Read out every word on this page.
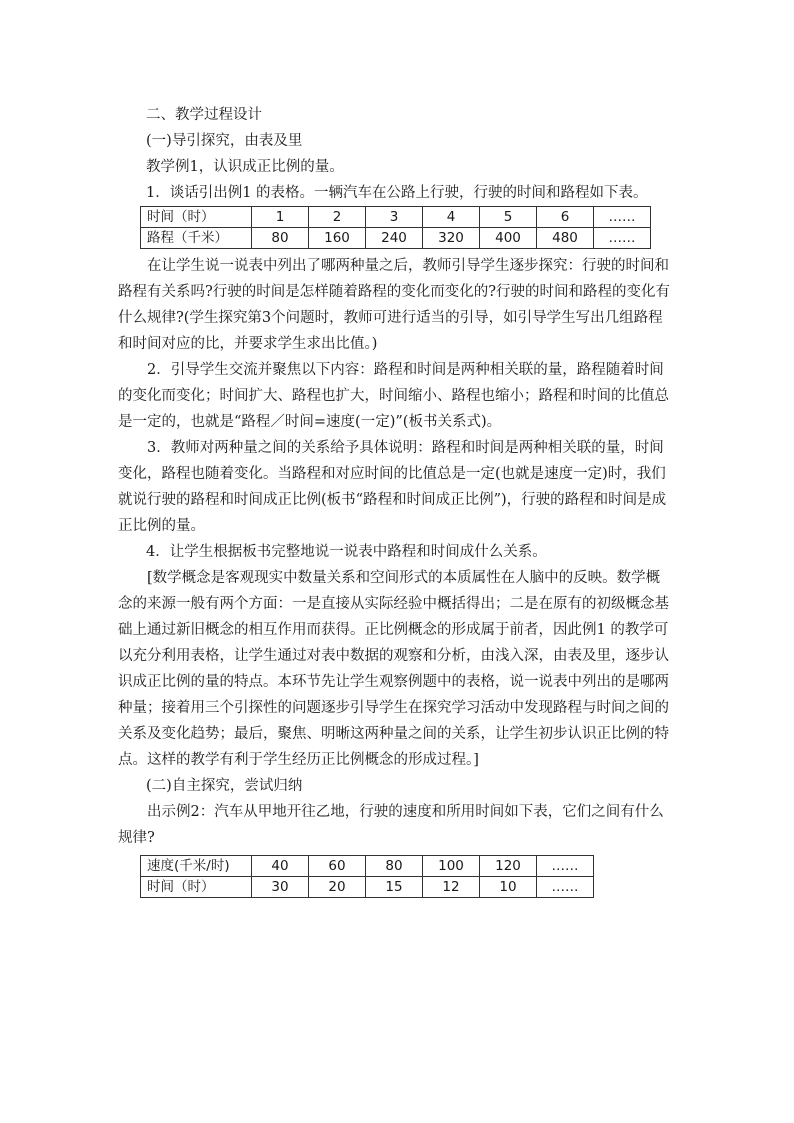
二、教学过程设计

(一)导引探究，由表及里

教学例1，认识成正比例的量。

1．谈话引出例1 的表格。一辆汽车在公路上行驶，行驶的时间和路程如下表。

时间（时）	1	2	3	4	5	6	……
路程（千米）	80	160	240	320	400	480	……
在让学生说一说表中列出了哪两种量之后，教师引导学生逐步探究：行驶的时间和
路程有关系吗?行驶的时间是怎样随着路程的变化而变化的?行驶的时间和路程的变化有
什么规律?(学生探究第3个问题时，教师可进行适当的引导，如引导学生写出几组路程
和时间对应的比，并要求学生求出比值。)
2．引导学生交流并聚焦以下内容：路程和时间是两种相关联的量，路程随着时间
的变化而变化；时间扩大、路程也扩大，时间缩小、路程也缩小；路程和时间的比值总
是一定的，也就是“路程／时间=速度(一定)”(板书关系式)。
3．教师对两种量之间的关系给予具体说明：路程和时间是两种相关联的量，时间
变化，路程也随着变化。当路程和对应时间的比值总是一定(也就是速度一定)时，我们
就说行驶的路程和时间成正比例(板书“路程和时间成正比例”)，行驶的路程和时间是成
正比例的量。

4．让学生根据板书完整地说一说表中路程和时间成什么关系。

[数学概念是客观现实中数量关系和空间形式的本质属性在人脑中的反映。数学概
念的来源一般有两个方面：一是直接从实际经验中概括得出；二是在原有的初级概念基
础上通过新旧概念的相互作用而获得。正比例概念的形成属于前者，因此例1 的教学可
以充分利用表格，让学生通过对表中数据的观察和分析，由浅入深，由表及里，逐步认
识成正比例的量的特点。本环节先让学生观察例题中的表格，说一说表中列出的是哪两
种量；接着用三个引探性的问题逐步引导学生在探究学习活动中发现路程与时间之间的
关系及变化趋势；最后，聚焦、明晰这两种量之间的关系，让学生初步认识正比例的特
点。这样的教学有利于学生经历正比例概念的形成过程。]

(二)自主探究，尝试归纳

出示例2：汽车从甲地开往乙地，行驶的速度和所用时间如下表，它们之间有什么
规律?
速度(千米/时)	40	60	80	100	120	……
时间（时）	30	20	15	12	10	……
